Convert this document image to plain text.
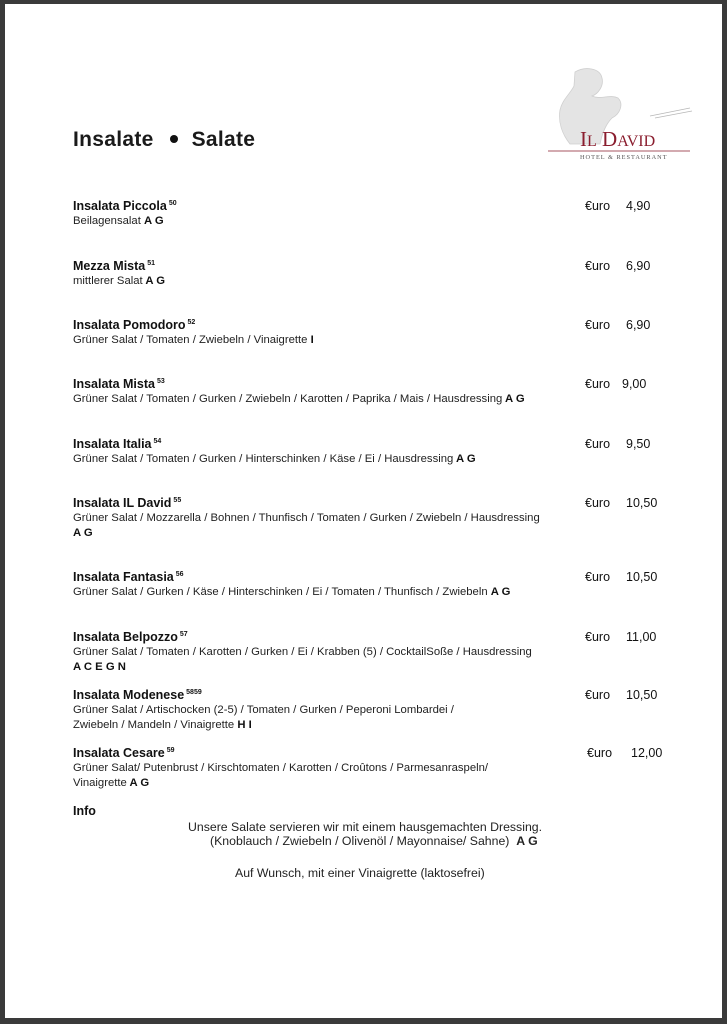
Insalate Salate	IL DAVID
HOTEL & RESTAURANT
Insalata Piccola $^{50}$
Beilagensalat A G
€uro 4,90
Mezza Mista $^{51}$
mittlerer Salat A G
€uro 6,90
Insalata Pomodoro $^{52}$
Grüner Salat / Tomaten / Zwiebeln / Vinaigrette I
€uro 6,90
Insalata Mista $^{53}$
Grüner Salat / Tomaten / Gurken / Zwiebeln / Karotten / Paprika / Mais / Hausdressing A G
€uro 9,00
Insalata Italia $^{54}$
Grüner Salat / Tomaten / Gurken / Hinterschinken / Käse / Ei / Hausdressing A G
€uro 9,50
Insalata IL David $^{55}$
Grüner Salat / Mozzarella / Bohnen / Thunfisch / Tomaten / Gurken / Zwiebeln / Hausdressing
A G
€uro 10,50
Insalata Fantasia $^{56}$
Grüner Salat / Gurken / Käse / Hinterschinken / Ei / Tomaten / Thunfisch / Zwiebeln A G
€uro 10,50
Insalata Belpozzo $^{57}$
Grüner Salat / Tomaten / Karotten / Gurken / Ei / Krabben (5) / CocktailSoße / Hausdressing
A C E G N
€uro 11,00
Insalata Modenese $^{5859}$
Grüner Salat / Artischocken (2-5) / Tomaten / Gurken / Peperoni Lombardei /
Zwiebeln / Mandeln / Vinaigrette H I
€uro 10,50
Insalata Cesare $^{59}$
Grüner Salat/ Putenbrust / Kirschtomaten / Karotten / Croûtons / Parmesanraspeln/
Vinaigrette A G
€uro 12,00
Info
Unsere Salate servieren wir mit einem hausgemachten Dressing.
(Knoblauch / Zwiebeln / Olivenöl / Mayonnaise/ Sahne) A G
Auf Wunsch, mit einer Vinaigrette (laktosefrei)
